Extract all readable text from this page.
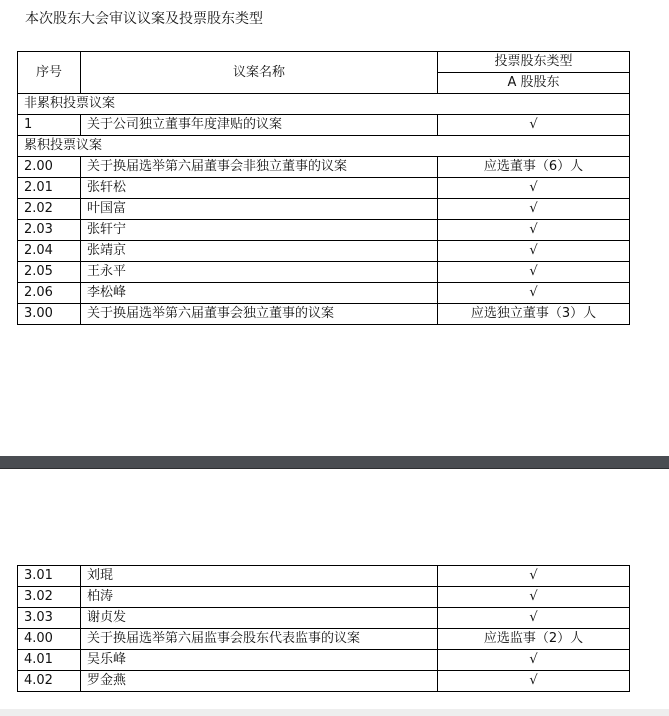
本次股东大会审议议案及投票股东类型
序号	议案名称	投票股东类型
		A 股股东
非累积投票议案		
1	关于公司独立董事年度津贴的议案	√
累积投票议案		
2.00	关于换届选举第六届董事会非独立董事的议案	应选董事（6）人
2.01	张轩松	√
2.02	叶国富	√
2.03	张轩宁	√
2.04	张靖京	√
2.05	王永平	√
2.06	李松峰	√
3.00	关于换届选举第六届董事会独立董事的议案	应选独立董事（3）人
3.01	刘琨	√
3.02	柏涛	√
3.03	谢贞发	√
4.00	关于换届选举第六届监事会股东代表监事的议案	应选监事（2）人
4.01	吴乐峰	√
4.02	罗金燕	√
